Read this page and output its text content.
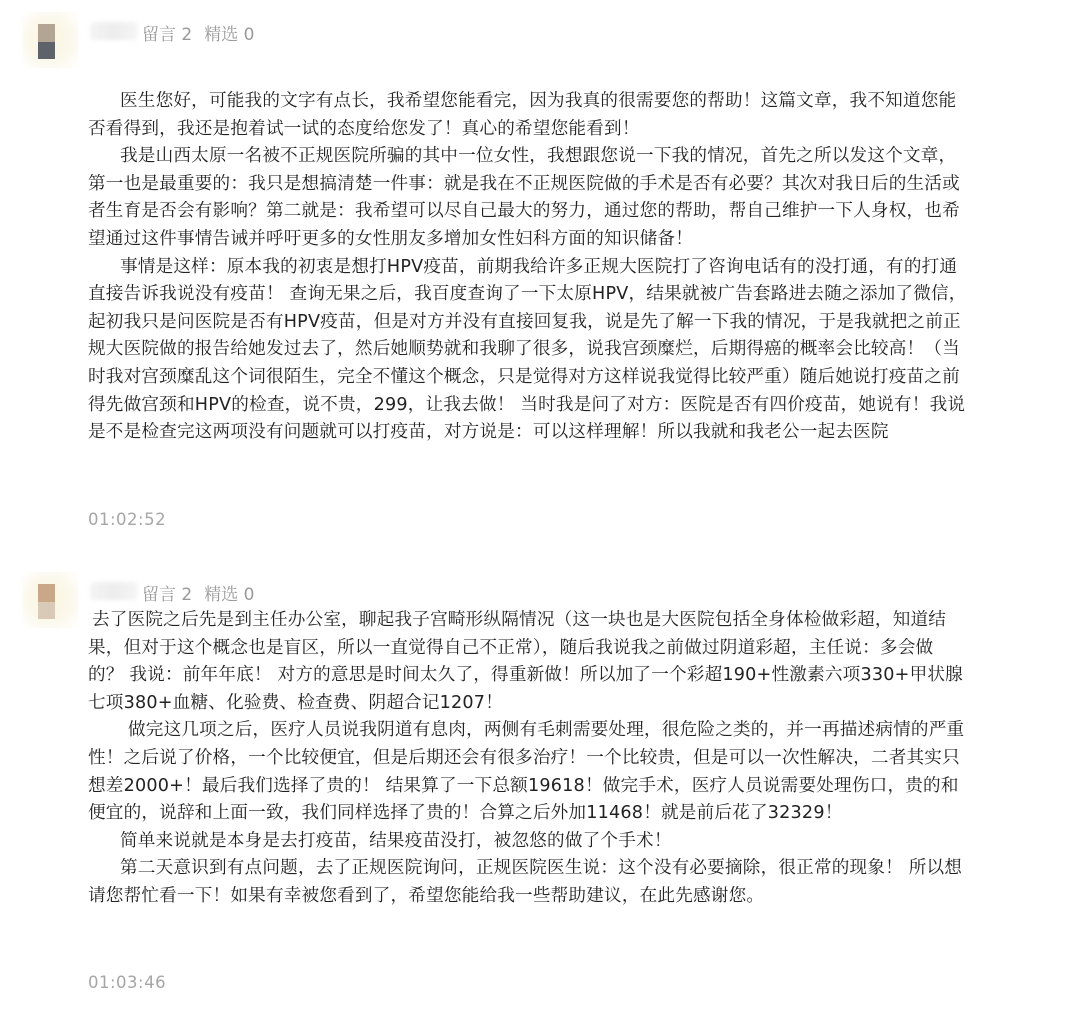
留言 2 精选 0

医生您好，可能我的文字有点长，我希望您能看完，因为我真的很需要您的帮助！这篇文章，我不知道您能否看得到，我还是抱着试一试的态度给您发了！真心的希望您能看到！

我是山西太原一名被不正规医院所骗的其中一位女性，我想跟您说一下我的情况，首先之所以发这个文章，第一也是最重要的：我只是想搞清楚一件事：就是我在不正规医院做的手术是否有必要？其次对我日后的生活或者生育是否会有影响？第二就是：我希望可以尽自己最大的努力，通过您的帮助，帮自己维护一下人身权，也希望通过这件事情告诫并呼吁更多的女性朋友多增加女性妇科方面的知识储备！

事情是这样：原本我的初衷是想打HPV疫苗，前期我给许多正规大医院打了咨询电话有的没打通，有的打通直接告诉我说没有疫苗！ 查询无果之后，我百度查询了一下太原HPV，结果就被广告套路进去随之添加了微信，起初我只是问医院是否有HPV疫苗，但是对方并没有直接回复我，说是先了解一下我的情况，于是我就把之前正规大医院做的报告给她发过去了，然后她顺势就和我聊了很多，说我宫颈糜烂，后期得癌的概率会比较高！（当时我对宫颈糜乱这个词很陌生，完全不懂这个概念，只是觉得对方这样说我觉得比较严重）随后她说打疫苗之前得先做宫颈和HPV的检查，说不贵，299，让我去做！ 当时我是问了对方：医院是否有四价疫苗，她说有！我说是不是检查完这两项没有问题就可以打疫苗，对方说是：可以这样理解！所以我就和我老公一起去医院

01:02:52
留言 2 精选 0

去了医院之后先是到主任办公室，聊起我子宫畸形纵隔情况（这一块也是大医院包括全身体检做彩超，知道结果，但对于这个概念也是盲区，所以一直觉得自己不正常），随后我说我之前做过阴道彩超，主任说：多会做的？ 我说：前年年底！ 对方的意思是时间太久了，得重新做！所以加了一个彩超190+性激素六项330+甲状腺七项380+血糖、化验费、检查费、阴超合记1207！

做完这几项之后，医疗人员说我阴道有息肉，两侧有毛刺需要处理，很危险之类的，并一再描述病情的严重性！之后说了价格，一个比较便宜，但是后期还会有很多治疗！一个比较贵，但是可以一次性解决，二者其实只想差2000+！最后我们选择了贵的！ 结果算了一下总额19618！做完手术，医疗人员说需要处理伤口，贵的和便宜的，说辞和上面一致，我们同样选择了贵的！合算之后外加11468！就是前后花了32329！

简单来说就是本身是去打疫苗，结果疫苗没打，被忽悠的做了个手术！

第二天意识到有点问题，去了正规医院询问，正规医院医生说：这个没有必要摘除，很正常的现象！ 所以想请您帮忙看一下！如果有幸被您看到了，希望您能给我一些帮助建议，在此先感谢您。

01:03:46
